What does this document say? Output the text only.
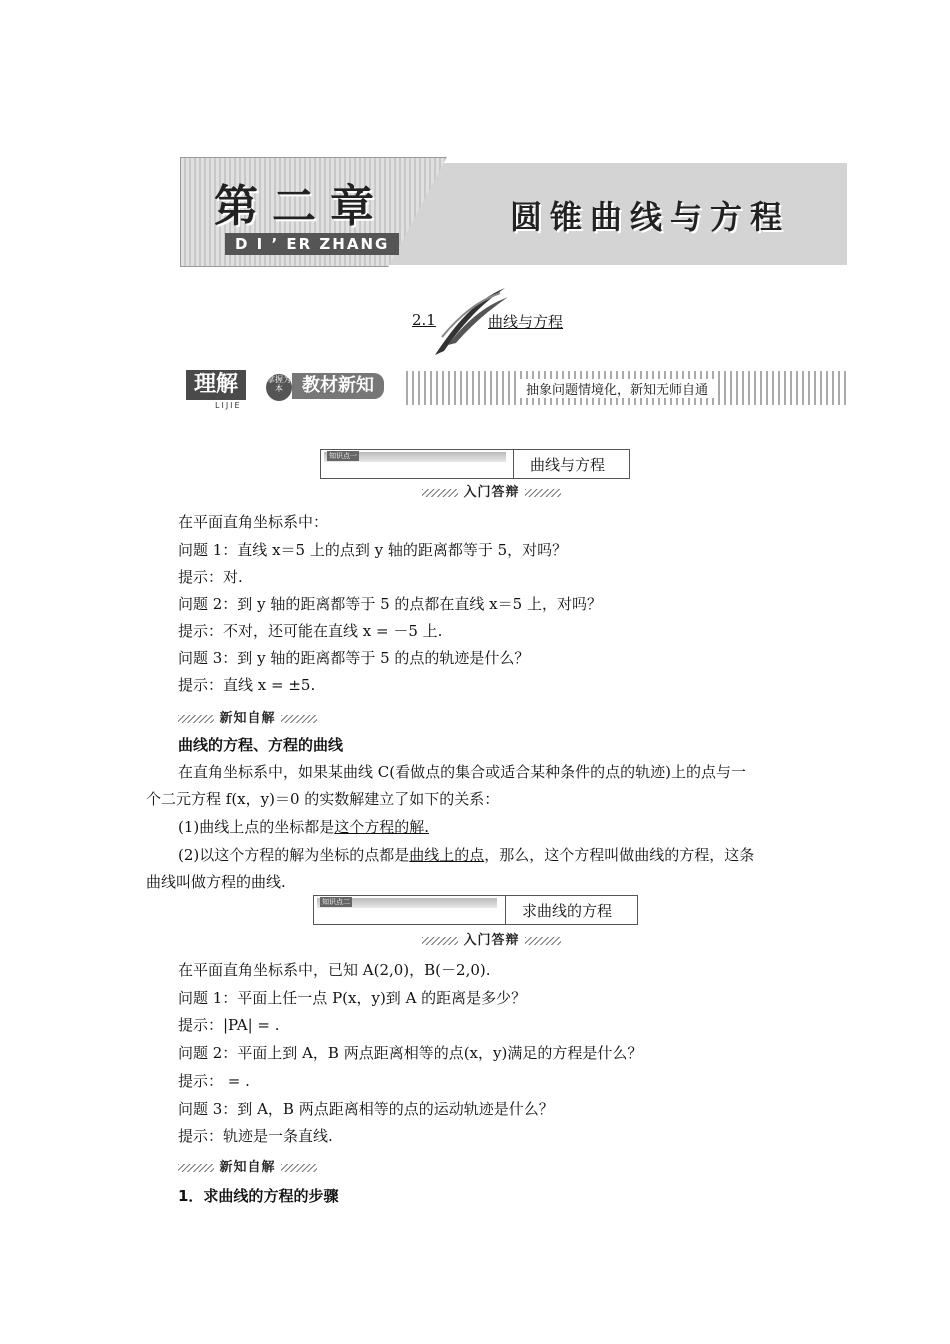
第二章
D I ’ ER ZHANG
圆锥曲线与方程
2.1	曲线与方程
理解	掌握为本	教材新知
LIJIE
抽象问题情境化，新知无师自通
知识点一	曲线与方程
入门答辩
在平面直角坐标系中：
问题 1：直线 x＝5 上的点到 y 轴的距离都等于 5，对吗？
提示：对.
问题 2：到 y 轴的距离都等于 5 的点都在直线 x＝5 上，对吗？
提示：不对，还可能在直线 x = －5 上.
问题 3：到 y 轴的距离都等于 5 的点的轨迹是什么？
提示：直线 x = ±5.
新知自解
曲线的方程、方程的曲线
在直角坐标系中，如果某曲线 C(看做点的集合或适合某种条件的点的轨迹)上的点与一
个二元方程 f(x，y)＝0 的实数解建立了如下的关系：
(1)曲线上点的坐标都是这个方程的解.
(2)以这个方程的解为坐标的点都是曲线上的点，那么，这个方程叫做曲线的方程，这条
曲线叫做方程的曲线.
知识点二	求曲线的方程
入门答辩
在平面直角坐标系中，已知 A(2,0)，B(－2,0).
问题 1：平面上任一点 P(x，y)到 A 的距离是多少？
提示：|PA| = .
问题 2：平面上到 A，B 两点距离相等的点(x，y)满足的方程是什么？
提示： = .
问题 3：到 A，B 两点距离相等的点的运动轨迹是什么？
提示：轨迹是一条直线.
新知自解
1．求曲线的方程的步骤
